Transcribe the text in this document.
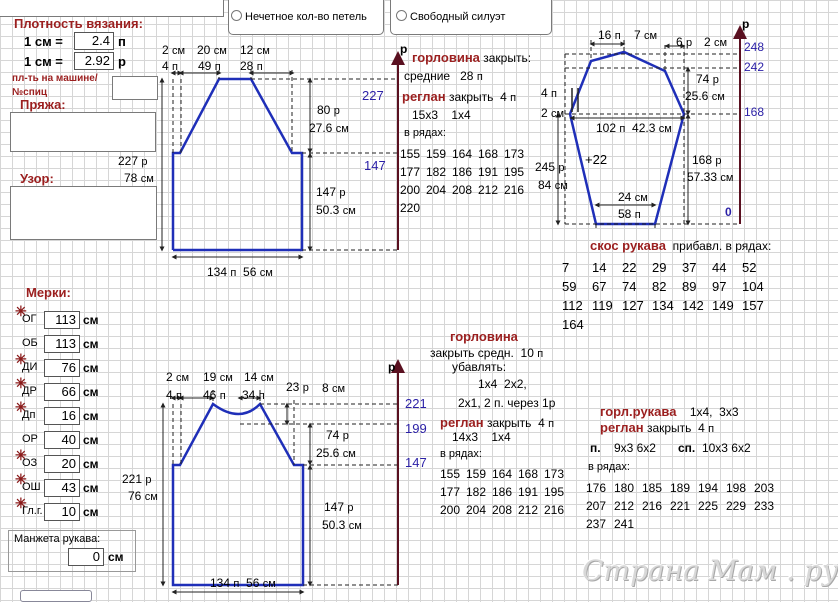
Нечетное кол-во петель	Свободный силуэт
Плотность вязания:
1 см =	2.4 п
1 см =	2.92 р
пл-ть на машине/
№спиц
Пряжа:
Узор:
Мерки:
✳
ОГ	113 см
ОБ	113 см
✳
ДИ	76 см
✳
ДР	66 см
✳
Дп	16 см
ОР	40 см
✳
ОЗ	20 см
✳
ОШ	43 см
✳
Гл.г.	10 см
Манжета рукава:
0 см
р
2 см 20 см 12 см
4 п 49 п 28 п
80 р
27.6 см
147 р
50.3 см
227 р
78 см
227
147
134 п 56 см
горловина закрыть:
средние 28 п
реглан закрыть 4 п
15х3 1х4
в рядах:
155 159 164 168 173
177 182 186 191 195
200 204 208 212 216
220
р
16 п 7 см 6 р 2 см 248
242
168
0
74 р
25.6 см
4 п
2 см
102 п 42.3 см
+22
245 р
84 см
168 р
57.33 см
24 см
58 п
скос рукава прибавл. в рядах:
7	14	22	29	37	44	52
59	67	74	82	89	97	104
112 119 127 134 142 149 157
164
р
2 см 19 см 14 см
4 п 46 п 34 п
23 р 8 см
221
199
147
74 р
25.6 см
147 р
50.3 см
221 р
76 см
134 п 56 см
горловина
закрыть средн. 10 п
убавлять:
1х4 2х2,
2х1, 2 п. через 1р
реглан закрыть 4 п
14х3 1х4
в рядах:
155 159 164 168 173
177 182 186 191 195
200 204 208 212 216
горл.рукава 1х4, 3х3
реглан закрыть 4 п
п. 9х3 6х2 сп. 10х3 6х2
в рядах:
176 180 185 189 194 198 203
207 212 216 221 225 229 233
237 241
Страна Мам . ру
